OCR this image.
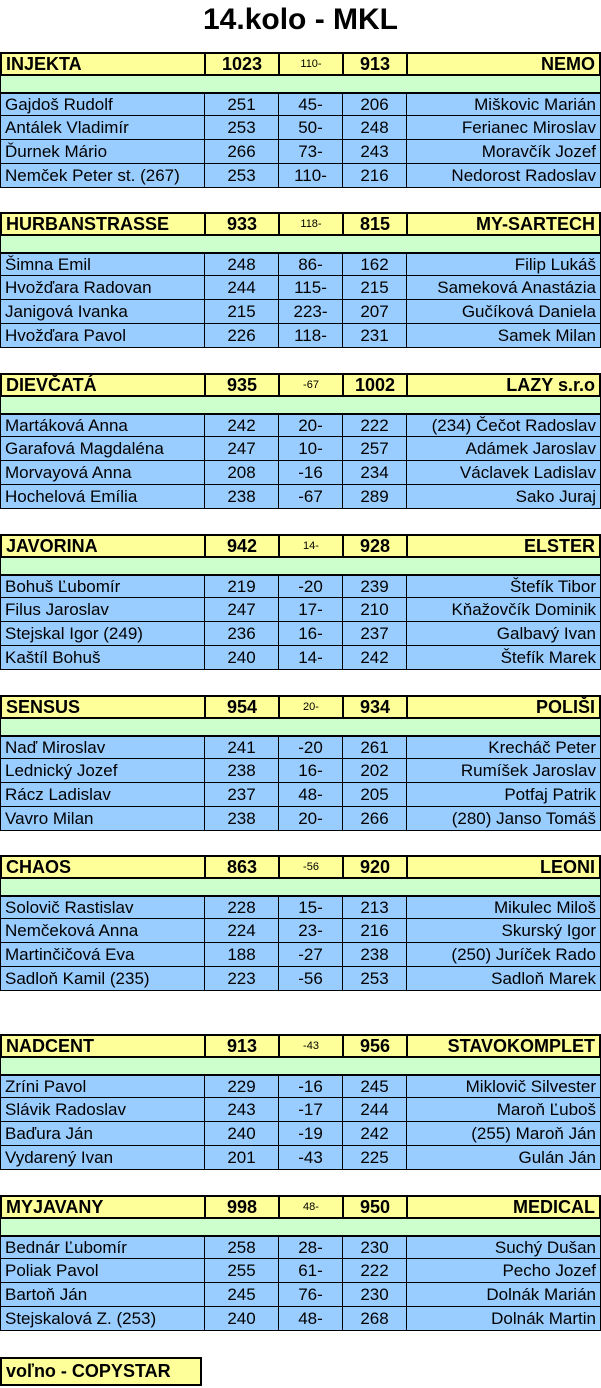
14.kolo - MKL
INJEKTA	1023	110-	913	NEMO
Gajdoš Rudolf	251	45-	206	Miškovic Marián
Antálek Vladimír	253	50-	248	Ferianec Miroslav
Ďurnek Mário	266	73-	243	Moravčík Jozef
Nemček Peter st. (267)	253	110-	216	Nedorost Radoslav
HURBANSTRASSE	933	118-	815	MY-SARTECH
Šimna Emil	248	86-	162	Filip Lukáš
Hvožďara Radovan	244	115-	215	Sameková Anastázia
Janigová Ivanka	215	223-	207	Gučíková Daniela
Hvožďara Pavol	226	118-	231	Samek Milan
DIEVČATÁ	935	-67	1002	LAZY s.r.o
Martáková Anna	242	20-	222	(234) Čečot Radoslav
Garafová Magdaléna	247	10-	257	Adámek Jaroslav
Morvayová Anna	208	-16	234	Václavek Ladislav
Hochelová Emília	238	-67	289	Sako Juraj
JAVORINA	942	14-	928	ELSTER
Bohuš Ľubomír	219	-20	239	Štefík Tibor
Filus Jaroslav	247	17-	210	Kňažovčík Dominik
Stejskal Igor (249)	236	16-	237	Galbavý Ivan
Kaštíl Bohuš	240	14-	242	Štefík Marek
SENSUS	954	20-	934	POLIŠI
Naď Miroslav	241	-20	261	Krecháč Peter
Lednický Jozef	238	16-	202	Rumíšek Jaroslav
Rácz Ladislav	237	48-	205	Potfaj Patrik
Vavro Milan	238	20-	266	(280) Janso Tomáš
CHAOS	863	-56	920	LEONI
Solovič Rastislav	228	15-	213	Mikulec Miloš
Nemčeková Anna	224	23-	216	Skurský Igor
Martinčičová Eva	188	-27	238	(250) Juríček Rado
Sadloň Kamil (235)	223	-56	253	Sadloň Marek
NADCENT	913	-43	956	STAVOKOMPLET
Zríni Pavol	229	-16	245	Miklovič Silvester
Slávik Radoslav	243	-17	244	Maroň Ľuboš
Baďura Ján	240	-19	242	(255) Maroň Ján
Vydarený Ivan	201	-43	225	Gulán Ján
MYJAVANY	998	48-	950	MEDICAL
Bednár Ľubomír	258	28-	230	Suchý Dušan
Poliak Pavol	255	61-	222	Pecho Jozef
Bartoň Ján	245	76-	230	Dolnák Marián
Stejskalová Z. (253)	240	48-	268	Dolnák Martin
voľno - COPYSTAR
